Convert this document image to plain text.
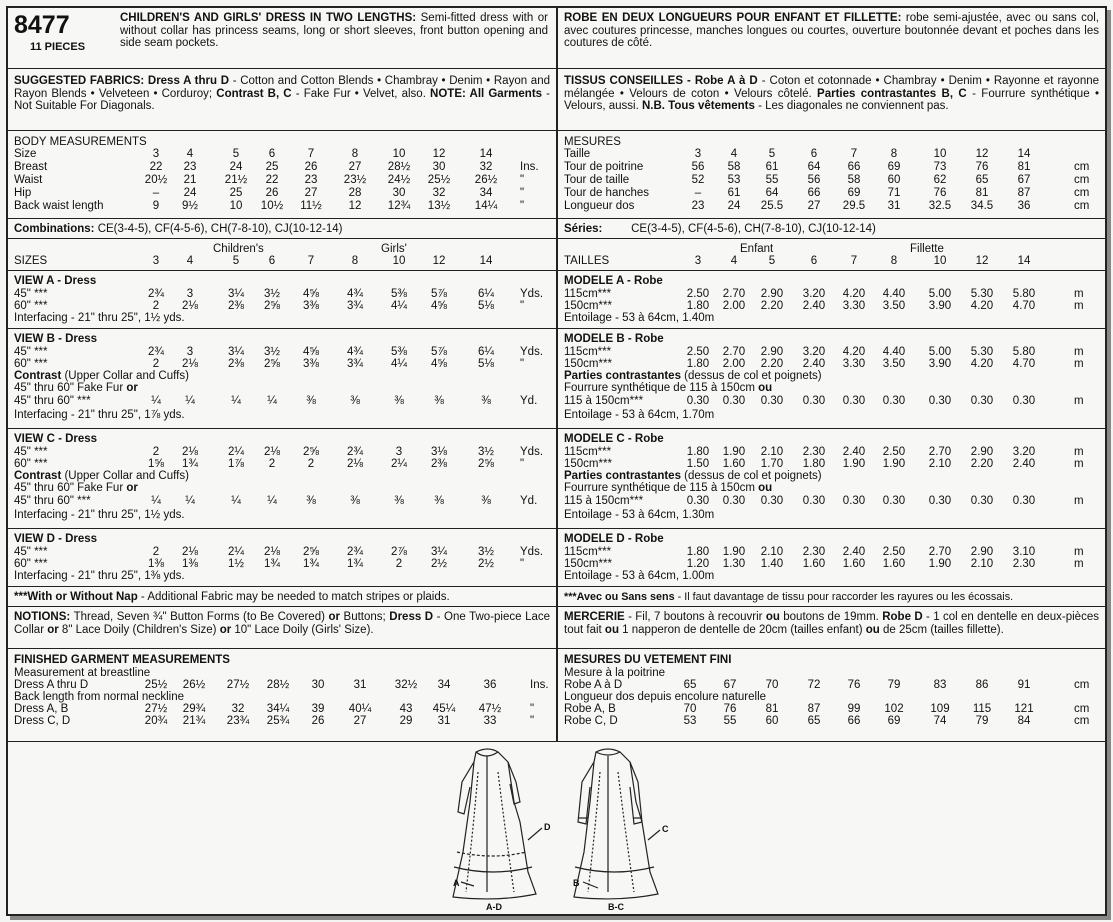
8477
11 PIECES
CHILDREN'S AND GIRLS' DRESS IN TWO LENGTHS: Semi-fitted dress with or without collar has princess seams, long or short sleeves, front button opening and side seam pockets.
SUGGESTED FABRICS: Dress A thru D - Cotton and Cotton Blends • Chambray • Denim • Rayon and Rayon Blends • Velveteen • Corduroy; Contrast B, C - Fake Fur • Velvet, also. NOTE: All Garments - Not Suitable For Diagonals.
BODY MEASUREMENTS
Size	3	4	5	6	7	8	10	12	14
Breast	22	23	24	25	26	27	28½	30	32	Ins.
Waist	20½	21	21½	22	23	23½	24½	25½	26½	"
Hip	–	24	25	26	27	28	30	32	34	"
Back waist length	9	9½	10	10½	11½	12	12¾	13½	14¼	"
Combinations: CE(3-4-5), CF(4-5-6), CH(7-8-10), CJ(10-12-14)
Children's	Girls'
SIZES	3	4	5	6	7	8	10	12	14
VIEW A - Dress
Interfacing - 21" thru 25", 1½ yds.
45" ***	2¾	3	3¼	3½	4⅝	4¾	5⅜	5⅞	6¼	Yds.
60" ***	2	2⅛	2⅜	2⅝	3⅜	3¾	4¼	4⅝	5⅛	"
VIEW B - Dress
Contrast (Upper Collar and Cuffs)
45" thru 60" Fake Fur or
Interfacing - 21" thru 25", 1⅞ yds.
45" ***	2¾	3	3¼	3½	4⅝	4¾	5⅜	5⅞	6¼	Yds.
60" ***	2	2⅛	2⅜	2⅝	3⅜	3¾	4¼	4⅝	5⅛	"
45" thru 60" ***	¼	¼	¼	¼	⅜	⅜	⅜	⅜	⅜	Yd.
VIEW C - Dress
Contrast (Upper Collar and Cuffs)
45" thru 60" Fake Fur or
Interfacing - 21" thru 25", 1½ yds.
45" ***	2	2⅛	2¼	2⅛	2⅝	2¾	3	3⅛	3½	Yds.
60" ***	1⅝	1¾	1⅞	2	2	2⅛	2¼	2⅜	2⅝	"
45" thru 60" ***	¼	¼	¼	¼	⅜	⅜	⅜	⅜	⅜	Yd.
VIEW D - Dress
Interfacing - 21" thru 25", 1⅜ yds.
45" ***	2	2⅛	2¼	2⅛	2⅝	2¾	2⅞	3¼	3½	Yds.
60" ***	1⅜	1⅜	1½	1¾	1¾	1¾	2	2½	2½	"
***With or Without Nap - Additional Fabric may be needed to match stripes or plaids.
NOTIONS: Thread, Seven ¾" Button Forms (to Be Covered) or Buttons; Dress D - One Two-piece Lace Collar or 8" Lace Doily (Children's Size) or 10" Lace Doily (Girls' Size).
FINISHED GARMENT MEASUREMENTS
Measurement at breastline
Back length from normal neckline
Dress A thru D	25½	26½	27½	28½	30	31	32½	34	36	Ins.
Dress A, B	27½	29¾	32	34¼	39	40¼	43	45¼	47½	"
Dress C, D	20¾	21¾	23¾	25¾	26	27	29	31	33	"
ROBE EN DEUX LONGUEURS POUR ENFANT ET FILLETTE: robe semi-ajustée, avec ou sans col, avec coutures princesse, manches longues ou courtes, ouverture boutonnée devant et poches dans les coutures de côté.
TISSUS CONSEILLES - Robe A à D - Coton et cotonnade • Chambray • Denim • Rayonne et rayonne mélangée • Velours de coton • Velours côtelé. Parties contrastantes B, C - Fourrure synthétique • Velours, aussi. N.B. Tous vêtements - Les diagonales ne conviennent pas.
MESURES
Taille	3	4	5	6	7	8	10	12	14
Tour de poitrine	56	58	61	64	66	69	73	76	81	cm
Tour de taille	52	53	55	56	58	60	62	65	67	cm
Tour de hanches	–	61	64	66	69	71	76	81	87	cm
Longueur dos	23	24	25.5	27	29.5	31	32.5	34.5	36	cm
Séries:	CE(3-4-5), CF(4-5-6), CH(7-8-10), CJ(10-12-14)
Enfant	Fillette
TAILLES	3	4	5	6	7	8	10	12	14
MODELE A - Robe
Entoilage - 53 à 64cm, 1.40m
115cm***	2.50	2.70	2.90	3.20	4.20	4.40	5.00	5.30	5.80	m
150cm***	1.80	2.00	2.20	2.40	3.30	3.50	3.90	4.20	4.70	m
MODELE B - Robe
Parties contrastantes (dessus de col et poignets)
Fourrure synthétique de 115 à 150cm ou
Entoilage - 53 à 64cm, 1.70m
115cm***	2.50	2.70	2.90	3.20	4.20	4.40	5.00	5.30	5.80	m
150cm***	1.80	2.00	2.20	2.40	3.30	3.50	3.90	4.20	4.70	m
115 à 150cm***	0.30	0.30	0.30	0.30	0.30	0.30	0.30	0.30	0.30	m
MODELE C - Robe
Parties contrastantes (dessus de col et poignets)
Fourrure synthétique de 115 à 150cm ou
Entoilage - 53 à 64cm, 1.30m
115cm***	1.80	1.90	2.10	2.30	2.40	2.50	2.70	2.90	3.20	m
150cm***	1.50	1.60	1.70	1.80	1.90	1.90	2.10	2.20	2.40	m
115 à 150cm***	0.30	0.30	0.30	0.30	0.30	0.30	0.30	0.30	0.30	m
MODELE D - Robe
Entoilage - 53 à 64cm, 1.00m
115cm***	1.80	1.90	2.10	2.30	2.40	2.50	2.70	2.90	3.10	m
150cm***	1.20	1.30	1.40	1.60	1.60	1.60	1.90	2.10	2.30	m
***Avec ou Sans sens - Il faut davantage de tissu pour raccorder les rayures ou les écossais.
MERCERIE - Fil, 7 boutons à recouvrir ou boutons de 19mm. Robe D - 1 col en dentelle en deux-pièces tout fait ou 1 napperon de dentelle de 20cm (tailles enfant) ou de 25cm (tailles fillette).
MESURES DU VETEMENT FINI
Mesure à la poitrine
Longueur dos depuis encolure naturelle
Robe A à D	65	67	70	72	76	79	83	86	91	cm
Robe A, B	70	76	81	87	99	102	109	115	121	cm
Robe C, D	53	55	60	65	66	69	74	79	84	cm
A
D
A-D
B
C
B-C
